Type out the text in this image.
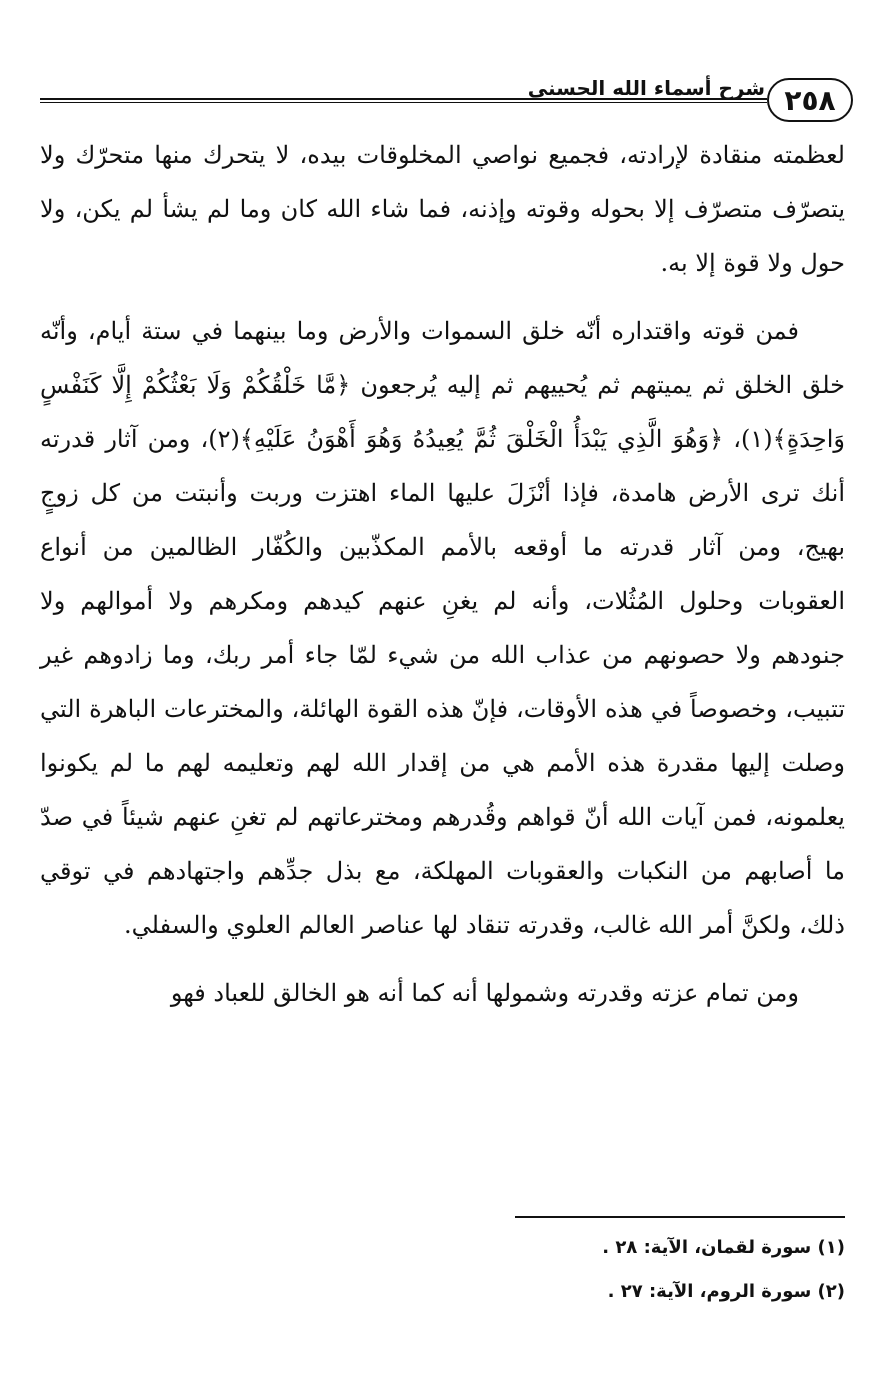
شرح أسماء الله الحسنى ٢٥٨

لعظمته منقادة لإرادته، فجميع نواصي المخلوقات بيده، لا يتحرك منها متحرّك ولا يتصرّف متصرّف إلا بحوله وقوته وإذنه، فما شاء الله كان وما لم يشأ لم يكن، ولا حول ولا قوة إلا به.

فمن قوته واقتداره أنّه خلق السموات والأرض وما بينهما في ستة أيام، وأنّه خلق الخلق ثم يميتهم ثم يُحييهم ثم إليه يُرجعون ﴿مَّا خَلْقُكُمْ وَلَا بَعْثُكُمْ إِلَّا كَنَفْسٍ وَاحِدَةٍ﴾(١)، ﴿وَهُوَ الَّذِي يَبْدَأُ الْخَلْقَ ثُمَّ يُعِيدُهُ وَهُوَ أَهْوَنُ عَلَيْهِ﴾(٢)، ومن آثار قدرته أنك ترى الأرض هامدة، فإذا أنْزَلَ عليها الماء اهتزت وربت وأنبتت من كل زوجٍ بهيج، ومن آثار قدرته ما أوقعه بالأمم المكذّبين والكُفّار الظالمين من أنواع العقوبات وحلول المُثُلات، وأنه لم يغنِ عنهم كيدهم ومكرهم ولا أموالهم ولا جنودهم ولا حصونهم من عذاب الله من شيء لمّا جاء أمر ربك، وما زادوهم غير تتبيب، وخصوصاً في هذه الأوقات، فإنّ هذه القوة الهائلة، والمخترعات الباهرة التي وصلت إليها مقدرة هذه الأمم هي من إقدار الله لهم وتعليمه لهم ما لم يكونوا يعلمونه، فمن آيات الله أنّ قواهم وقُدرهم ومخترعاتهم لم تغنِ عنهم شيئاً في صدّ ما أصابهم من النكبات والعقوبات المهلكة، مع بذل جدِّهم واجتهادهم في توقي ذلك، ولكنَّ أمر الله غالب، وقدرته تنقاد لها عناصر العالم العلوي والسفلي.

ومن تمام عزته وقدرته وشمولها أنه كما أنه هو الخالق للعباد فهو

(١) سورة لقمان، الآية: ٢٨ .
(٢) سورة الروم، الآية: ٢٧ .
